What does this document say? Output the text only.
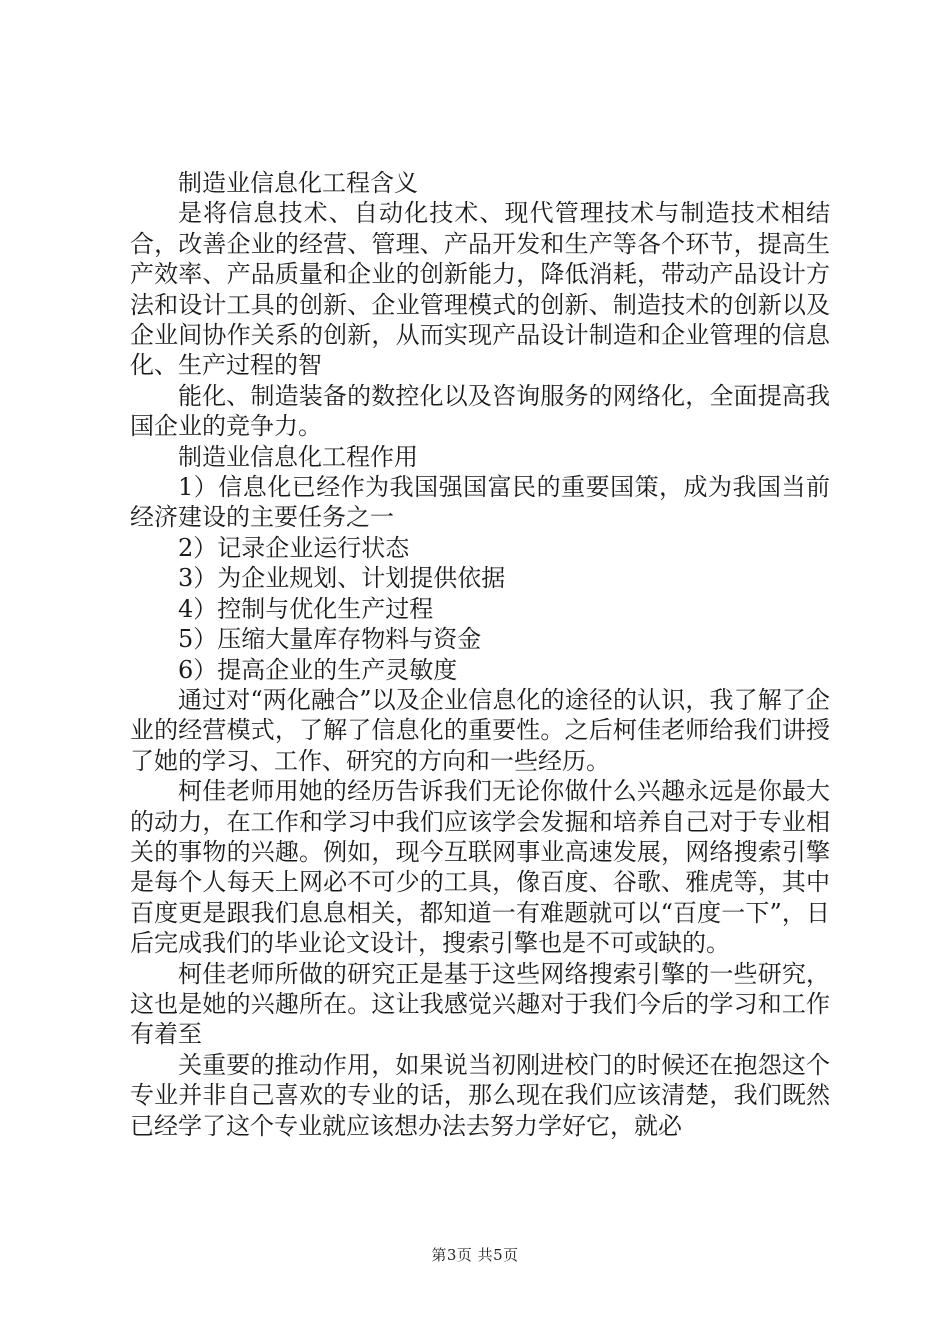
制造业信息化工程含义

是将信息技术、自动化技术、现代管理技术与制造技术相结合，改善企业的经营、管理、产品开发和生产等各个环节，提高生产效率、产品质量和企业的创新能力，降低消耗，带动产品设计方法和设计工具的创新、企业管理模式的创新、制造技术的创新以及企业间协作关系的创新，从而实现产品设计制造和企业管理的信息化、生产过程的智

能化、制造装备的数控化以及咨询服务的网络化，全面提高我国企业的竞争力。

制造业信息化工程作用

1）信息化已经作为我国强国富民的重要国策，成为我国当前经济建设的主要任务之一

2）记录企业运行状态

3）为企业规划、计划提供依据

4）控制与优化生产过程

5）压缩大量库存物料与资金

6）提高企业的生产灵敏度

通过对“两化融合”以及企业信息化的途径的认识，我了解了企业的经营模式，了解了信息化的重要性。之后柯佳老师给我们讲授了她的学习、工作、研究的方向和一些经历。

柯佳老师用她的经历告诉我们无论你做什么兴趣永远是你最大的动力，在工作和学习中我们应该学会发掘和培养自己对于专业相关的事物的兴趣。例如，现今互联网事业高速发展，网络搜索引擎是每个人每天上网必不可少的工具，像百度、谷歌、雅虎等，其中百度更是跟我们息息相关，都知道一有难题就可以“百度一下”，日后完成我们的毕业论文设计，搜索引擎也是不可或缺的。

柯佳老师所做的研究正是基于这些网络搜索引擎的一些研究，这也是她的兴趣所在。这让我感觉兴趣对于我们今后的学习和工作有着至

关重要的推动作用，如果说当初刚进校门的时候还在抱怨这个专业并非自己喜欢的专业的话，那么现在我们应该清楚，我们既然已经学了这个专业就应该想办法去努力学好它，就必

第3页 共5页
